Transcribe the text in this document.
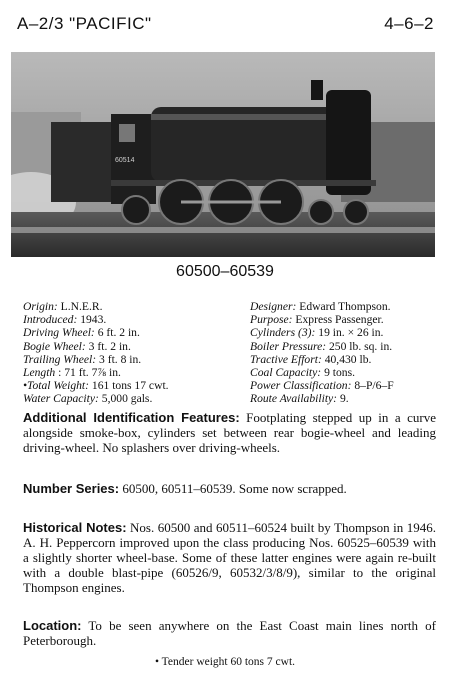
A–2/3 "PACIFIC"	4–6–2
60514
60500–60539
Origin: L.N.E.R.
Introduced: 1943.
Driving Wheel: 6 ft. 2 in.
Bogie Wheel: 3 ft. 2 in.
Trailing Wheel: 3 ft. 8 in.
Length : 71 ft. 7⅞ in.
•Total Weight: 161 tons 17 cwt.
Water Capacity: 5,000 gals.
Designer: Edward Thompson.
Purpose: Express Passenger.
Cylinders (3): 19 in. × 26 in.
Boiler Pressure: 250 lb. sq. in.
Tractive Effort: 40,430 lb.
Coal Capacity: 9 tons.
Power Classification: 8–P/6–F
Route Availability: 9.
Additional Identification Features: Footplating stepped up in a curve alongside smoke-box, cylinders set between rear bogie-wheel and leading driving-wheel. No splashers over driving-wheels.
Number Series: 60500, 60511–60539. Some now scrapped.
Historical Notes: Nos. 60500 and 60511–60524 built by Thompson in 1946. A. H. Peppercorn improved upon the class producing Nos. 60525–60539 with a slightly shorter wheel-base. Some of these latter engines were again re-built with a double blast-pipe (60526/9, 60532/3/8/9), similar to the original Thompson engines.
Location: To be seen anywhere on the East Coast main lines north of Peterborough.
• Tender weight 60 tons 7 cwt.
